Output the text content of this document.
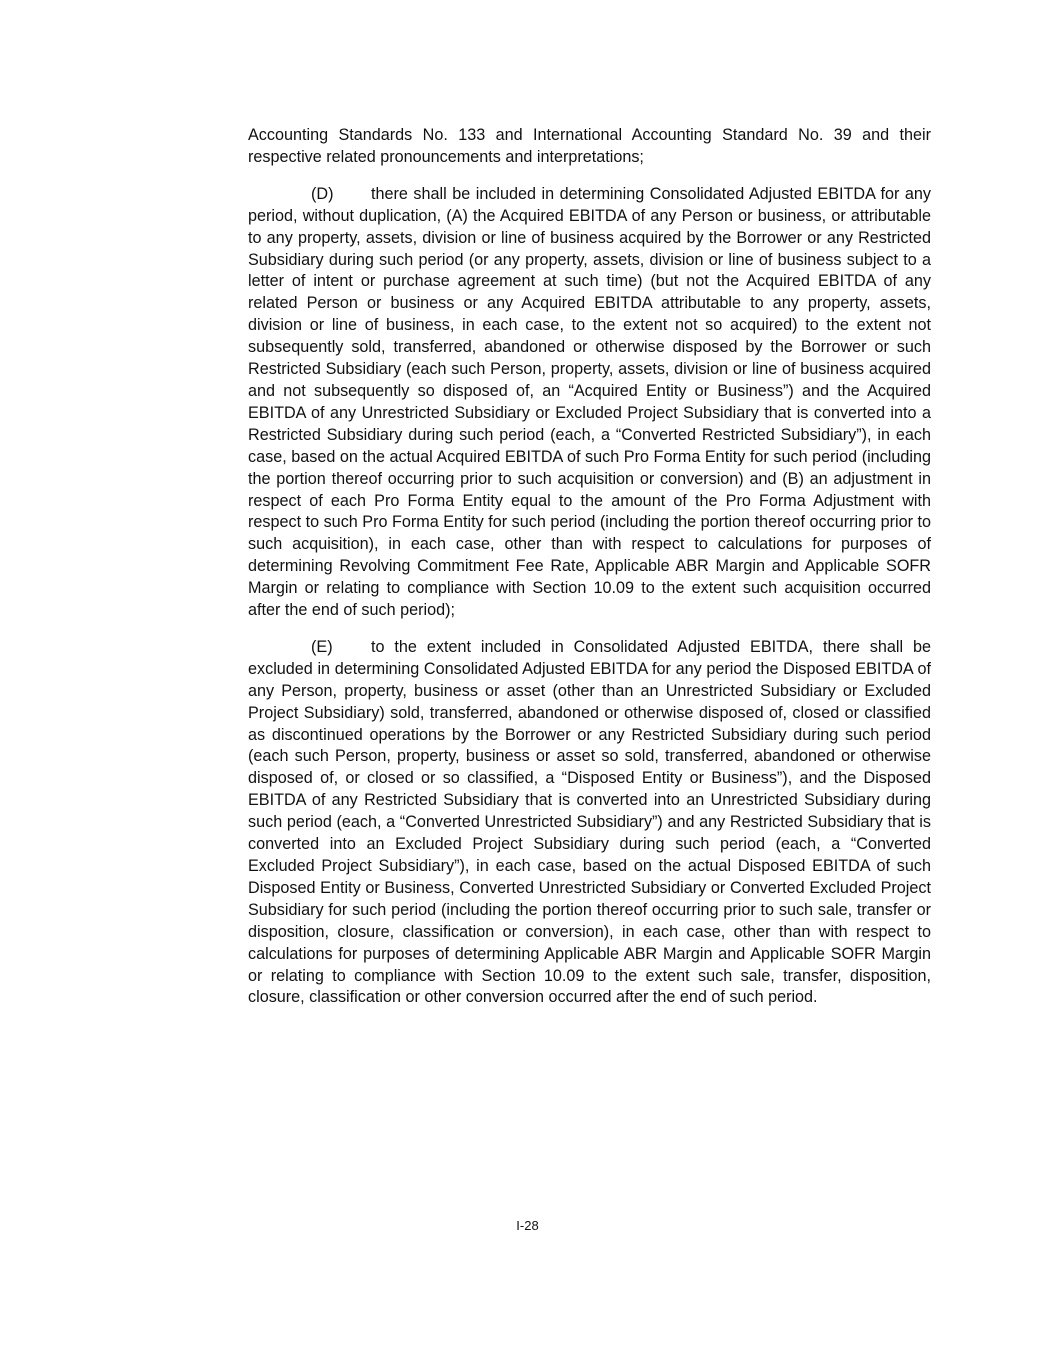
Accounting Standards No. 133 and International Accounting Standard No. 39 and their respective related pronouncements and interpretations;

(D) there shall be included in determining Consolidated Adjusted EBITDA for any period, without duplication, (A) the Acquired EBITDA of any Person or business, or attributable to any property, assets, division or line of business acquired by the Borrower or any Restricted Subsidiary during such period (or any property, assets, division or line of business subject to a letter of intent or purchase agreement at such time) (but not the Acquired EBITDA of any related Person or business or any Acquired EBITDA attributable to any property, assets, division or line of business, in each case, to the extent not so acquired) to the extent not subsequently sold, transferred, abandoned or otherwise disposed by the Borrower or such Restricted Subsidiary (each such Person, property, assets, division or line of business acquired and not subsequently so disposed of, an “Acquired Entity or Business”) and the Acquired EBITDA of any Unrestricted Subsidiary or Excluded Project Subsidiary that is converted into a Restricted Subsidiary during such period (each, a “Converted Restricted Subsidiary”), in each case, based on the actual Acquired EBITDA of such Pro Forma Entity for such period (including the portion thereof occurring prior to such acquisition or conversion) and (B) an adjustment in respect of each Pro Forma Entity equal to the amount of the Pro Forma Adjustment with respect to such Pro Forma Entity for such period (including the portion thereof occurring prior to such acquisition), in each case, other than with respect to calculations for purposes of determining Revolving Commitment Fee Rate, Applicable ABR Margin and Applicable SOFR Margin or relating to compliance with Section 10.09 to the extent such acquisition occurred after the end of such period);

(E) to the extent included in Consolidated Adjusted EBITDA, there shall be excluded in determining Consolidated Adjusted EBITDA for any period the Disposed EBITDA of any Person, property, business or asset (other than an Unrestricted Subsidiary or Excluded Project Subsidiary) sold, transferred, abandoned or otherwise disposed of, closed or classified as discontinued operations by the Borrower or any Restricted Subsidiary during such period (each such Person, property, business or asset so sold, transferred, abandoned or otherwise disposed of, or closed or so classified, a “Disposed Entity or Business”), and the Disposed EBITDA of any Restricted Subsidiary that is converted into an Unrestricted Subsidiary during such period (each, a “Converted Unrestricted Subsidiary”) and any Restricted Subsidiary that is converted into an Excluded Project Subsidiary during such period (each, a “Converted Excluded Project Subsidiary”), in each case, based on the actual Disposed EBITDA of such Disposed Entity or Business, Converted Unrestricted Subsidiary or Converted Excluded Project Subsidiary for such period (including the portion thereof occurring prior to such sale, transfer or disposition, closure, classification or conversion), in each case, other than with respect to calculations for purposes of determining Applicable ABR Margin and Applicable SOFR Margin or relating to compliance with Section 10.09 to the extent such sale, transfer, disposition, closure, classification or other conversion occurred after the end of such period.

I-28
